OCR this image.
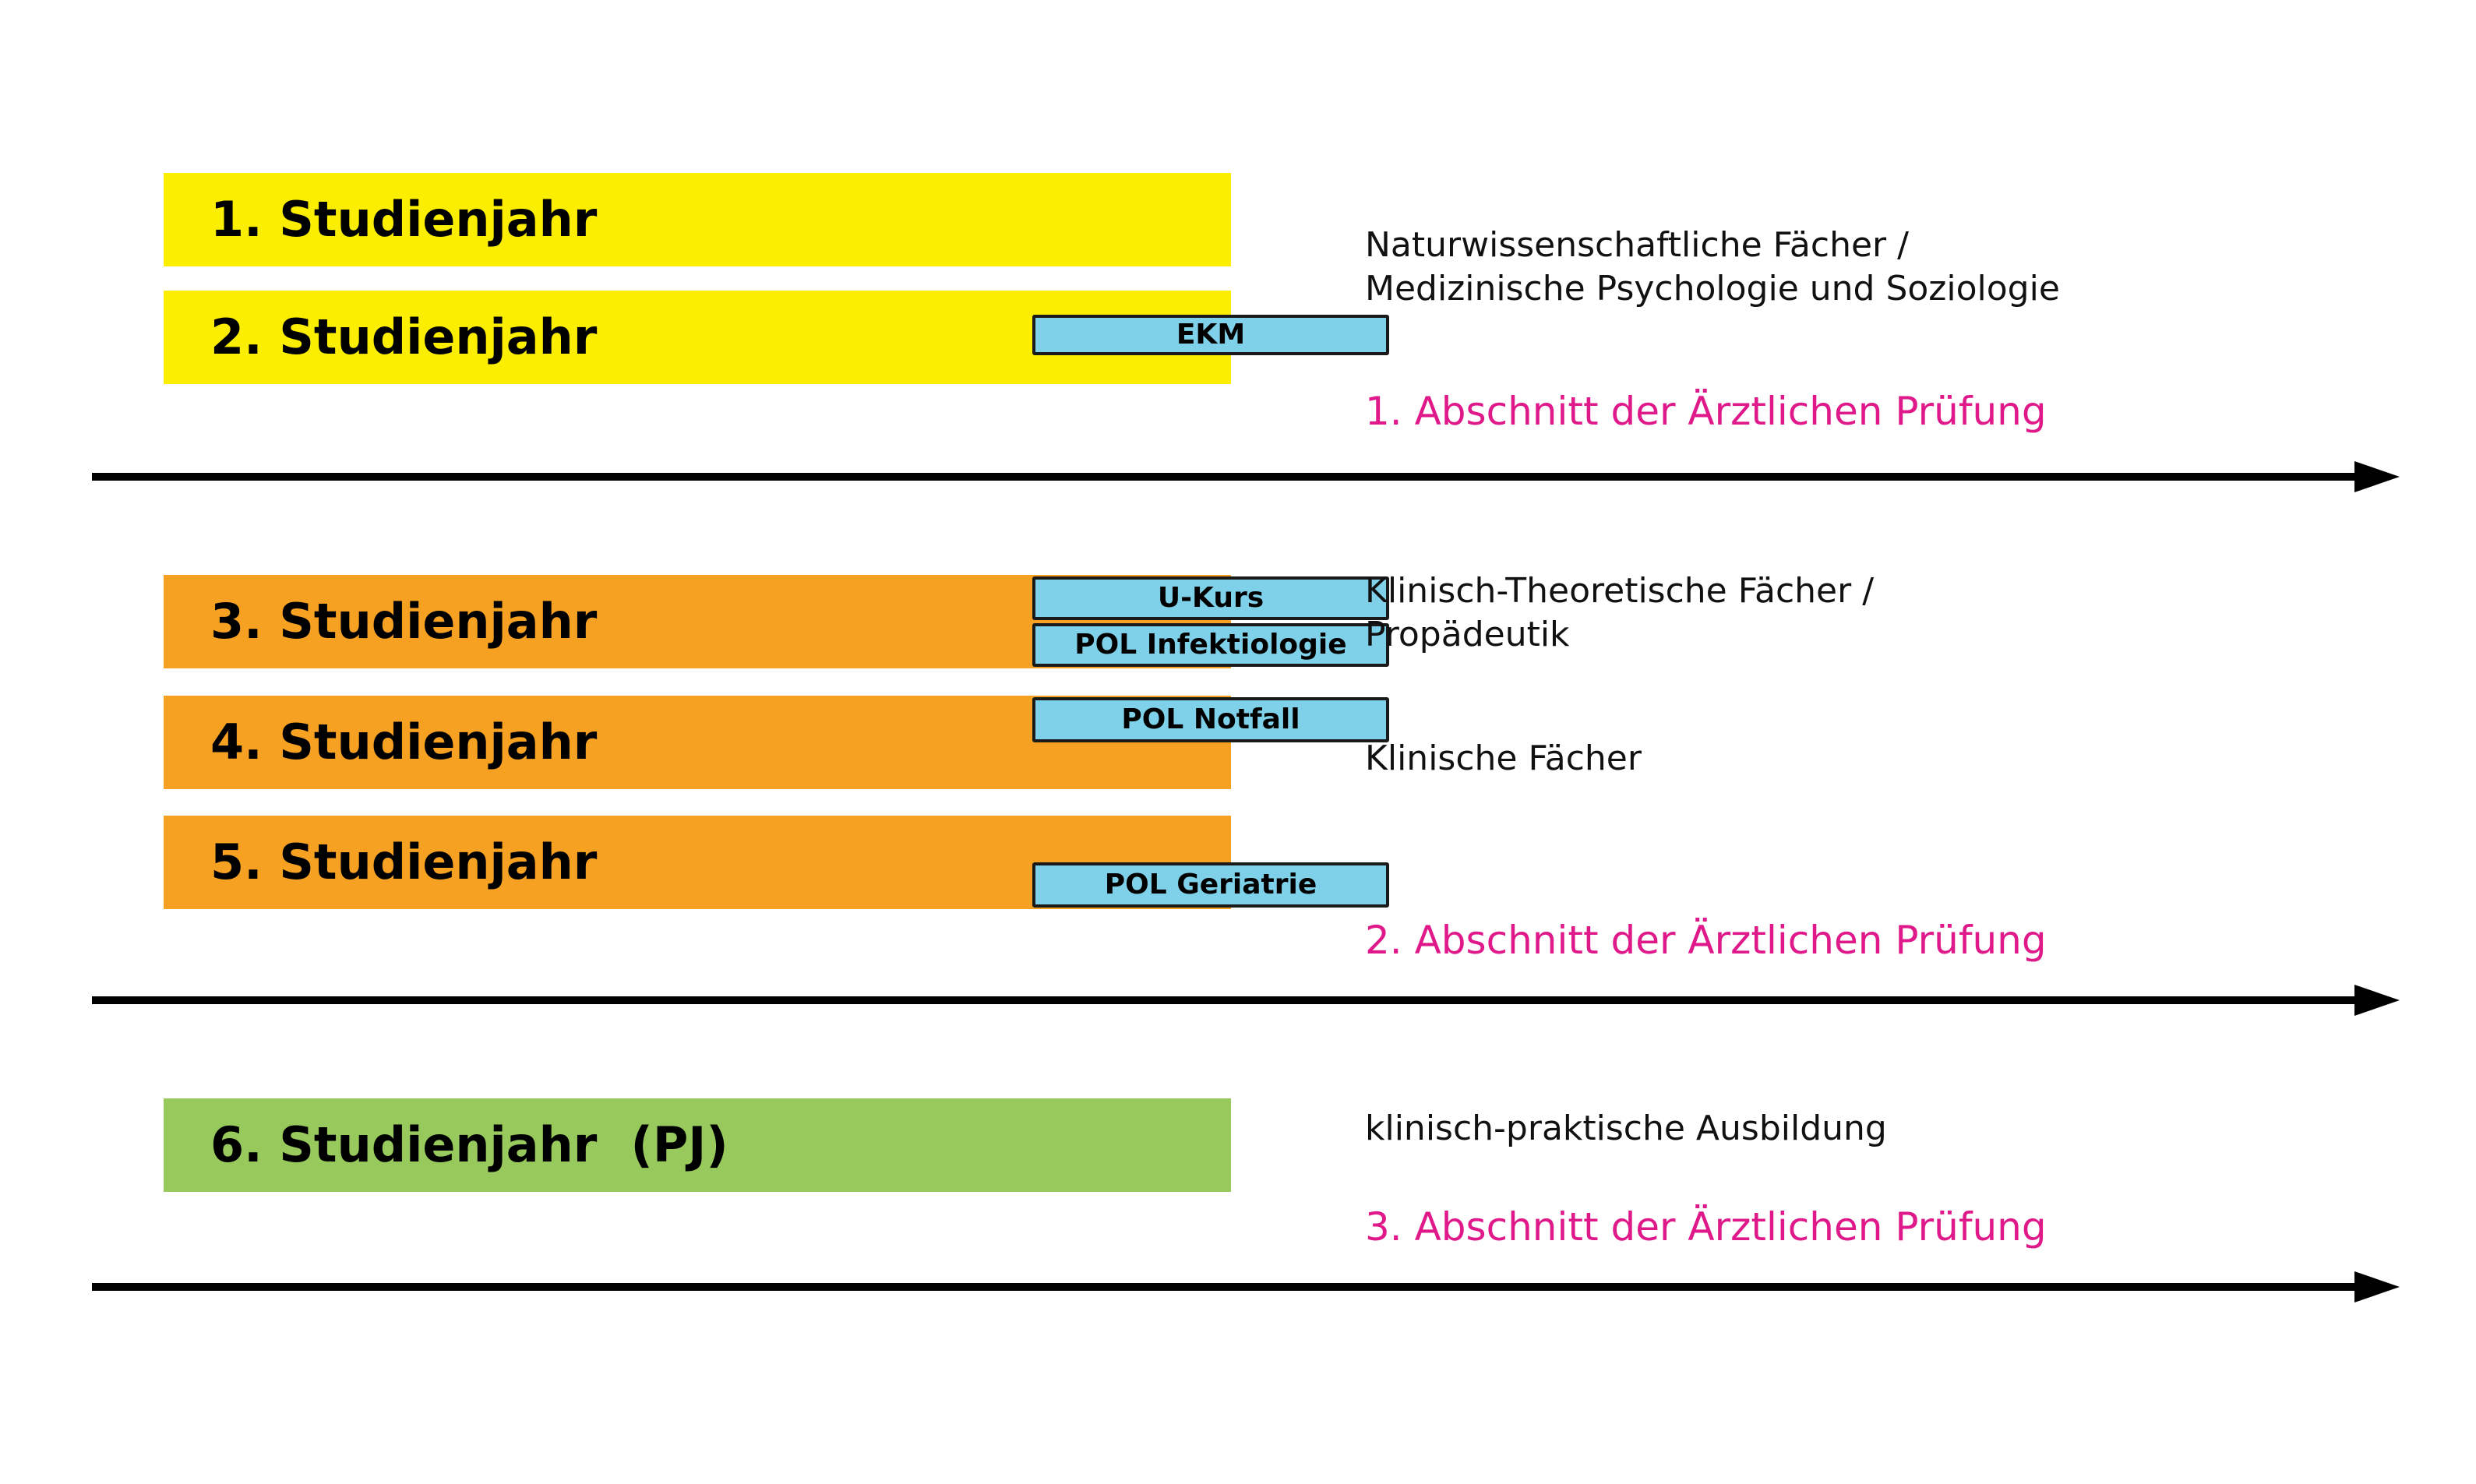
1. Studienjahr
2. Studienjahr	EKM
Naturwissenschaftliche Fächer /
Medizinische Psychologie und Soziologie
1. Abschnitt der Ärztlichen Prüfung
3. Studienjahr	U-Kurs
POL Infektiologie
4. Studienjahr	POL Notfall
5. Studienjahr	POL Geriatrie
Klinisch-Theoretische Fächer /
Propädeutik
Klinische Fächer
2. Abschnitt der Ärztlichen Prüfung
6. Studienjahr  (PJ)	klinisch-praktische Ausbildung
3. Abschnitt der Ärztlichen Prüfung
